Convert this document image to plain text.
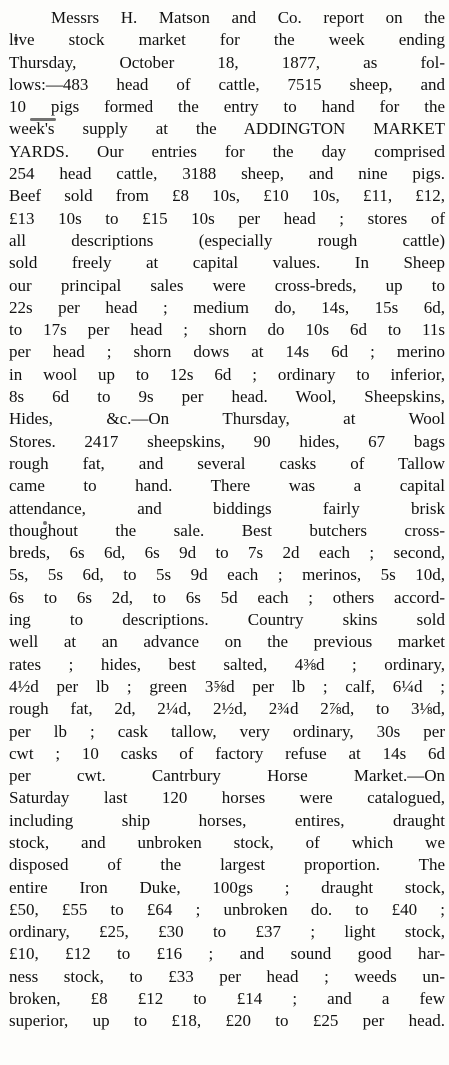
Messrs H. Matson and Co. report on the
live stock market for the week ending
Thursday, October 18, 1877, as fol-
lows:—483 head of cattle, 7515 sheep, and
10 pigs formed the entry to hand for the
week's supply at the ADDINGTON MARKET
YARDS. Our entries for the day comprised
254 head cattle, 3188 sheep, and nine pigs.
Beef sold from £8 10s, £10 10s, £11, £12,
£13 10s to £15 10s per head ; stores of
all descriptions (especially rough cattle)
sold freely at capital values. In Sheep
our principal sales were cross-breds, up to
22s per head ; medium do, 14s, 15s 6d,
to 17s per head ; shorn do 10s 6d to 11s
per head ; shorn dows at 14s 6d ; merino
in wool up to 12s 6d ; ordinary to inferior,
8s 6d to 9s per head. Wool, Sheepskins,
Hides, &c.—On Thursday, at Wool
Stores. 2417 sheepskins, 90 hides, 67 bags
rough fat, and several casks of Tallow
came to hand. There was a capital
attendance, and biddings fairly brisk
thoughout the sale. Best butchers cross-
breds, 6s 6d, 6s 9d to 7s 2d each ; second,
5s, 5s 6d, to 5s 9d each ; merinos, 5s 10d,
6s to 6s 2d, to 6s 5d each ; others accord-
ing to descriptions. Country skins sold
well at an advance on the previous market
rates ; hides, best salted, 4⅜d ; ordinary,
4½d per lb ; green 3⅝d per lb ; calf, 6¼d ;
rough fat, 2d, 2¼d, 2½d, 2¾d 2⅞d, to 3⅛d,
per lb ; cask tallow, very ordinary, 30s per
cwt ; 10 casks of factory refuse at 14s 6d
per cwt. Cantrbury Horse Market.—On
Saturday last 120 horses were catalogued,
including ship horses, entires, draught
stock, and unbroken stock, of which we
disposed of the largest proportion. The
entire Iron Duke, 100gs ; draught stock,
£50, £55 to £64 ; unbroken do. to £40 ;
ordinary, £25, £30 to £37 ; light stock,
£10, £12 to £16 ; and sound good har-
ness stock, to £33 per head ; weeds un-
broken, £8 £12 to £14 ; and a few
superior, up to £18, £20 to £25 per head.
